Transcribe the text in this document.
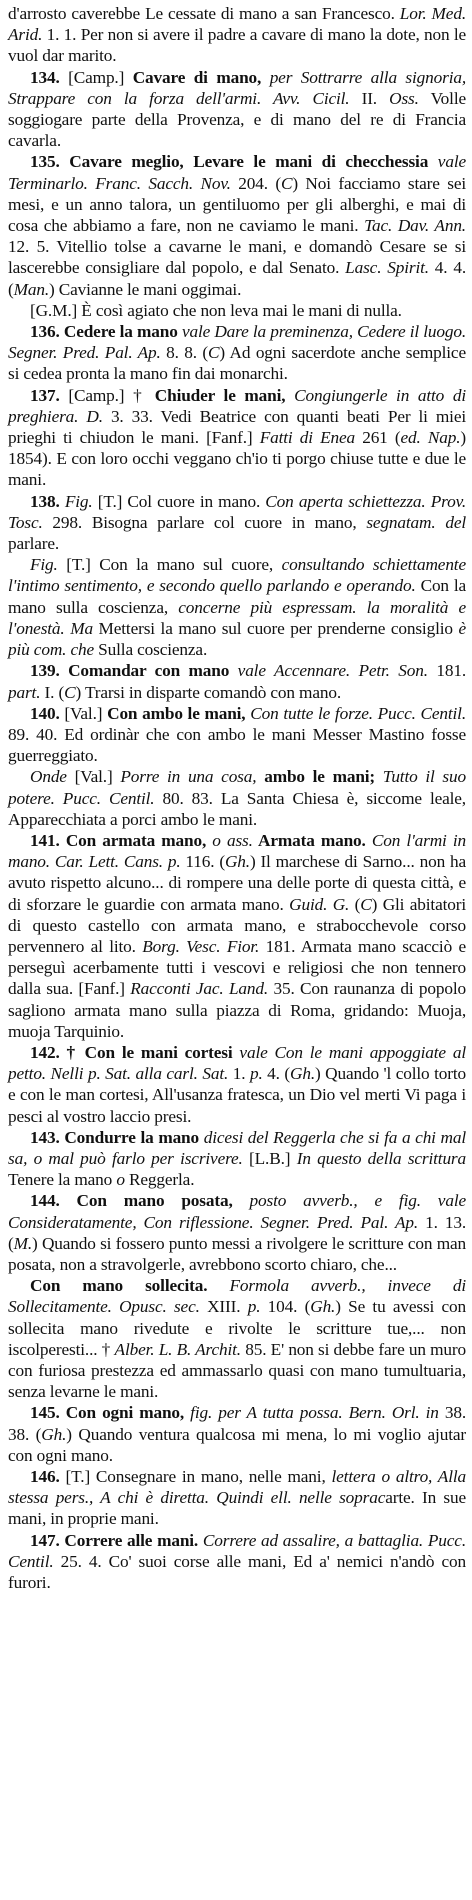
d'arrosto caverebbe Le cessate di mano a san Francesco. Lor. Med. Arid. 1. 1. Per non si avere il padre a cavare di mano la dote, non le vuol dar marito.

134. [Camp.] Cavare di mano, per Sottrarre alla signoria, Strappare con la forza dell'armi. Avv. Cicil. II. Oss. Volle soggiogare parte della Provenza, e di mano del re di Francia cavarla.

135. Cavare meglio, Levare le mani di checchessia vale Terminarlo. Franc. Sacch. Nov. 204. (C) Noi facciamo stare sei mesi, e un anno talora, un gentiluomo per gli alberghi, e mai di cosa che abbiamo a fare, non ne caviamo le mani. Tac. Dav. Ann. 12. 5. Vitellio tolse a cavarne le mani, e domandò Cesare se si lascerebbe consigliare dal popolo, e dal Senato. Lasc. Spirit. 4. 4. (Man.) Cavianne le mani oggimai.

[G.M.] È così agiato che non leva mai le mani di nulla.

136. Cedere la mano vale Dare la preminenza, Cedere il luogo. Segner. Pred. Pal. Ap. 8. 8. (C) Ad ogni sacerdote anche semplice si cedea pronta la mano fin dai monarchi.

137. [Camp.] † Chiuder le mani, Congiungerle in atto di preghiera. D. 3. 33. Vedi Beatrice con quanti beati Per li miei prieghi ti chiudon le mani. [Fanf.] Fatti di Enea 261 (ed. Nap.) 1854). E con loro occhi veggano ch'io ti porgo chiuse tutte e due le mani.

138. Fig. [T.] Col cuore in mano. Con aperta schiettezza. Prov. Tosc. 298. Bisogna parlare col cuore in mano, segnatam. del parlare.

Fig. [T.] Con la mano sul cuore, consultando schiettamente l'intimo sentimento, e secondo quello parlando e operando. Con la mano sulla coscienza, concerne più espressam. la moralità e l'onestà. Ma Mettersi la mano sul cuore per prenderne consiglio è più com. che Sulla coscienza.

139. Comandar con mano vale Accennare. Petr. Son. 181. part. I. (C) Trarsi in disparte comandò con mano.

140. [Val.] Con ambo le mani, Con tutte le forze. Pucc. Centil. 89. 40. Ed ordinàr che con ambo le mani Messer Mastino fosse guerreggiato.

Onde [Val.] Porre in una cosa, ambo le mani; Tutto il suo potere. Pucc. Centil. 80. 83. La Santa Chiesa è, siccome leale, Apparecchiata a porci ambo le mani.

141. Con armata mano, o ass. Armata mano. Con l'armi in mano. Car. Lett. Cans. p. 116. (Gh.) Il marchese di Sarno... non ha avuto rispetto alcuno... di rompere una delle porte di questa città, e di sforzare le guardie con armata mano. Guid. G. (C) Gli abitatori di questo castello con armata mano, e strabocchevole corso pervennero al lito. Borg. Vesc. Fior. 181. Armata mano scacciò e perseguì acerbamente tutti i vescovi e religiosi che non tennero dalla sua. [Fanf.] Racconti Jac. Land. 35. Con raunanza di popolo sagliono armata mano sulla piazza di Roma, gridando: Muoja, muoja Tarquinio.

142. † Con le mani cortesi vale Con le mani appoggiate al petto. Nelli p. Sat. alla carl. Sat. 1. p. 4. (Gh.) Quando 'l collo torto e con le man cortesi, All'usanza fratesca, un Dio vel merti Vi paga i pesci al vostro laccio presi.

143. Condurre la mano dicesi del Reggerla che si fa a chi mal sa, o mal può farlo per iscrivere. [L.B.] In questo della scrittura Tenere la mano o Reggerla.

144. Con mano posata, posto avverb., e fig. vale Consideratamente, Con riflessione. Segner. Pred. Pal. Ap. 1. 13. (M.) Quando si fossero punto messi a rivolgere le scritture con man posata, non a stravolgerle, avrebbono scorto chiaro, che...

Con mano sollecita. Formola avverb., invece di Sollecitamente. Opusc. sec. XIII. p. 104. (Gh.) Se tu avessi con sollecita mano rivedute e rivolte le scritture tue,... non iscolperesti... † Alber. L. B. Archit. 85. E' non si debbe fare un muro con furiosa prestezza ed ammassarlo quasi con mano tumultuaria, senza levarne le mani.

145. Con ogni mano, fig. per A tutta possa. Bern. Orl. in 38. 38. (Gh.) Quando ventura qualcosa mi mena, lo mi voglio ajutar con ogni mano.

146. [T.] Consegnare in mano, nelle mani, lettera o altro, Alla stessa pers., A chi è diretta. Quindi ell. nelle sopracarte. In sue mani, in proprie mani.

147. Correre alle mani. Correre ad assalire, a battaglia. Pucc. Centil. 25. 4. Co' suoi corse alle mani, Ed a' nemici n'andò con furori.
